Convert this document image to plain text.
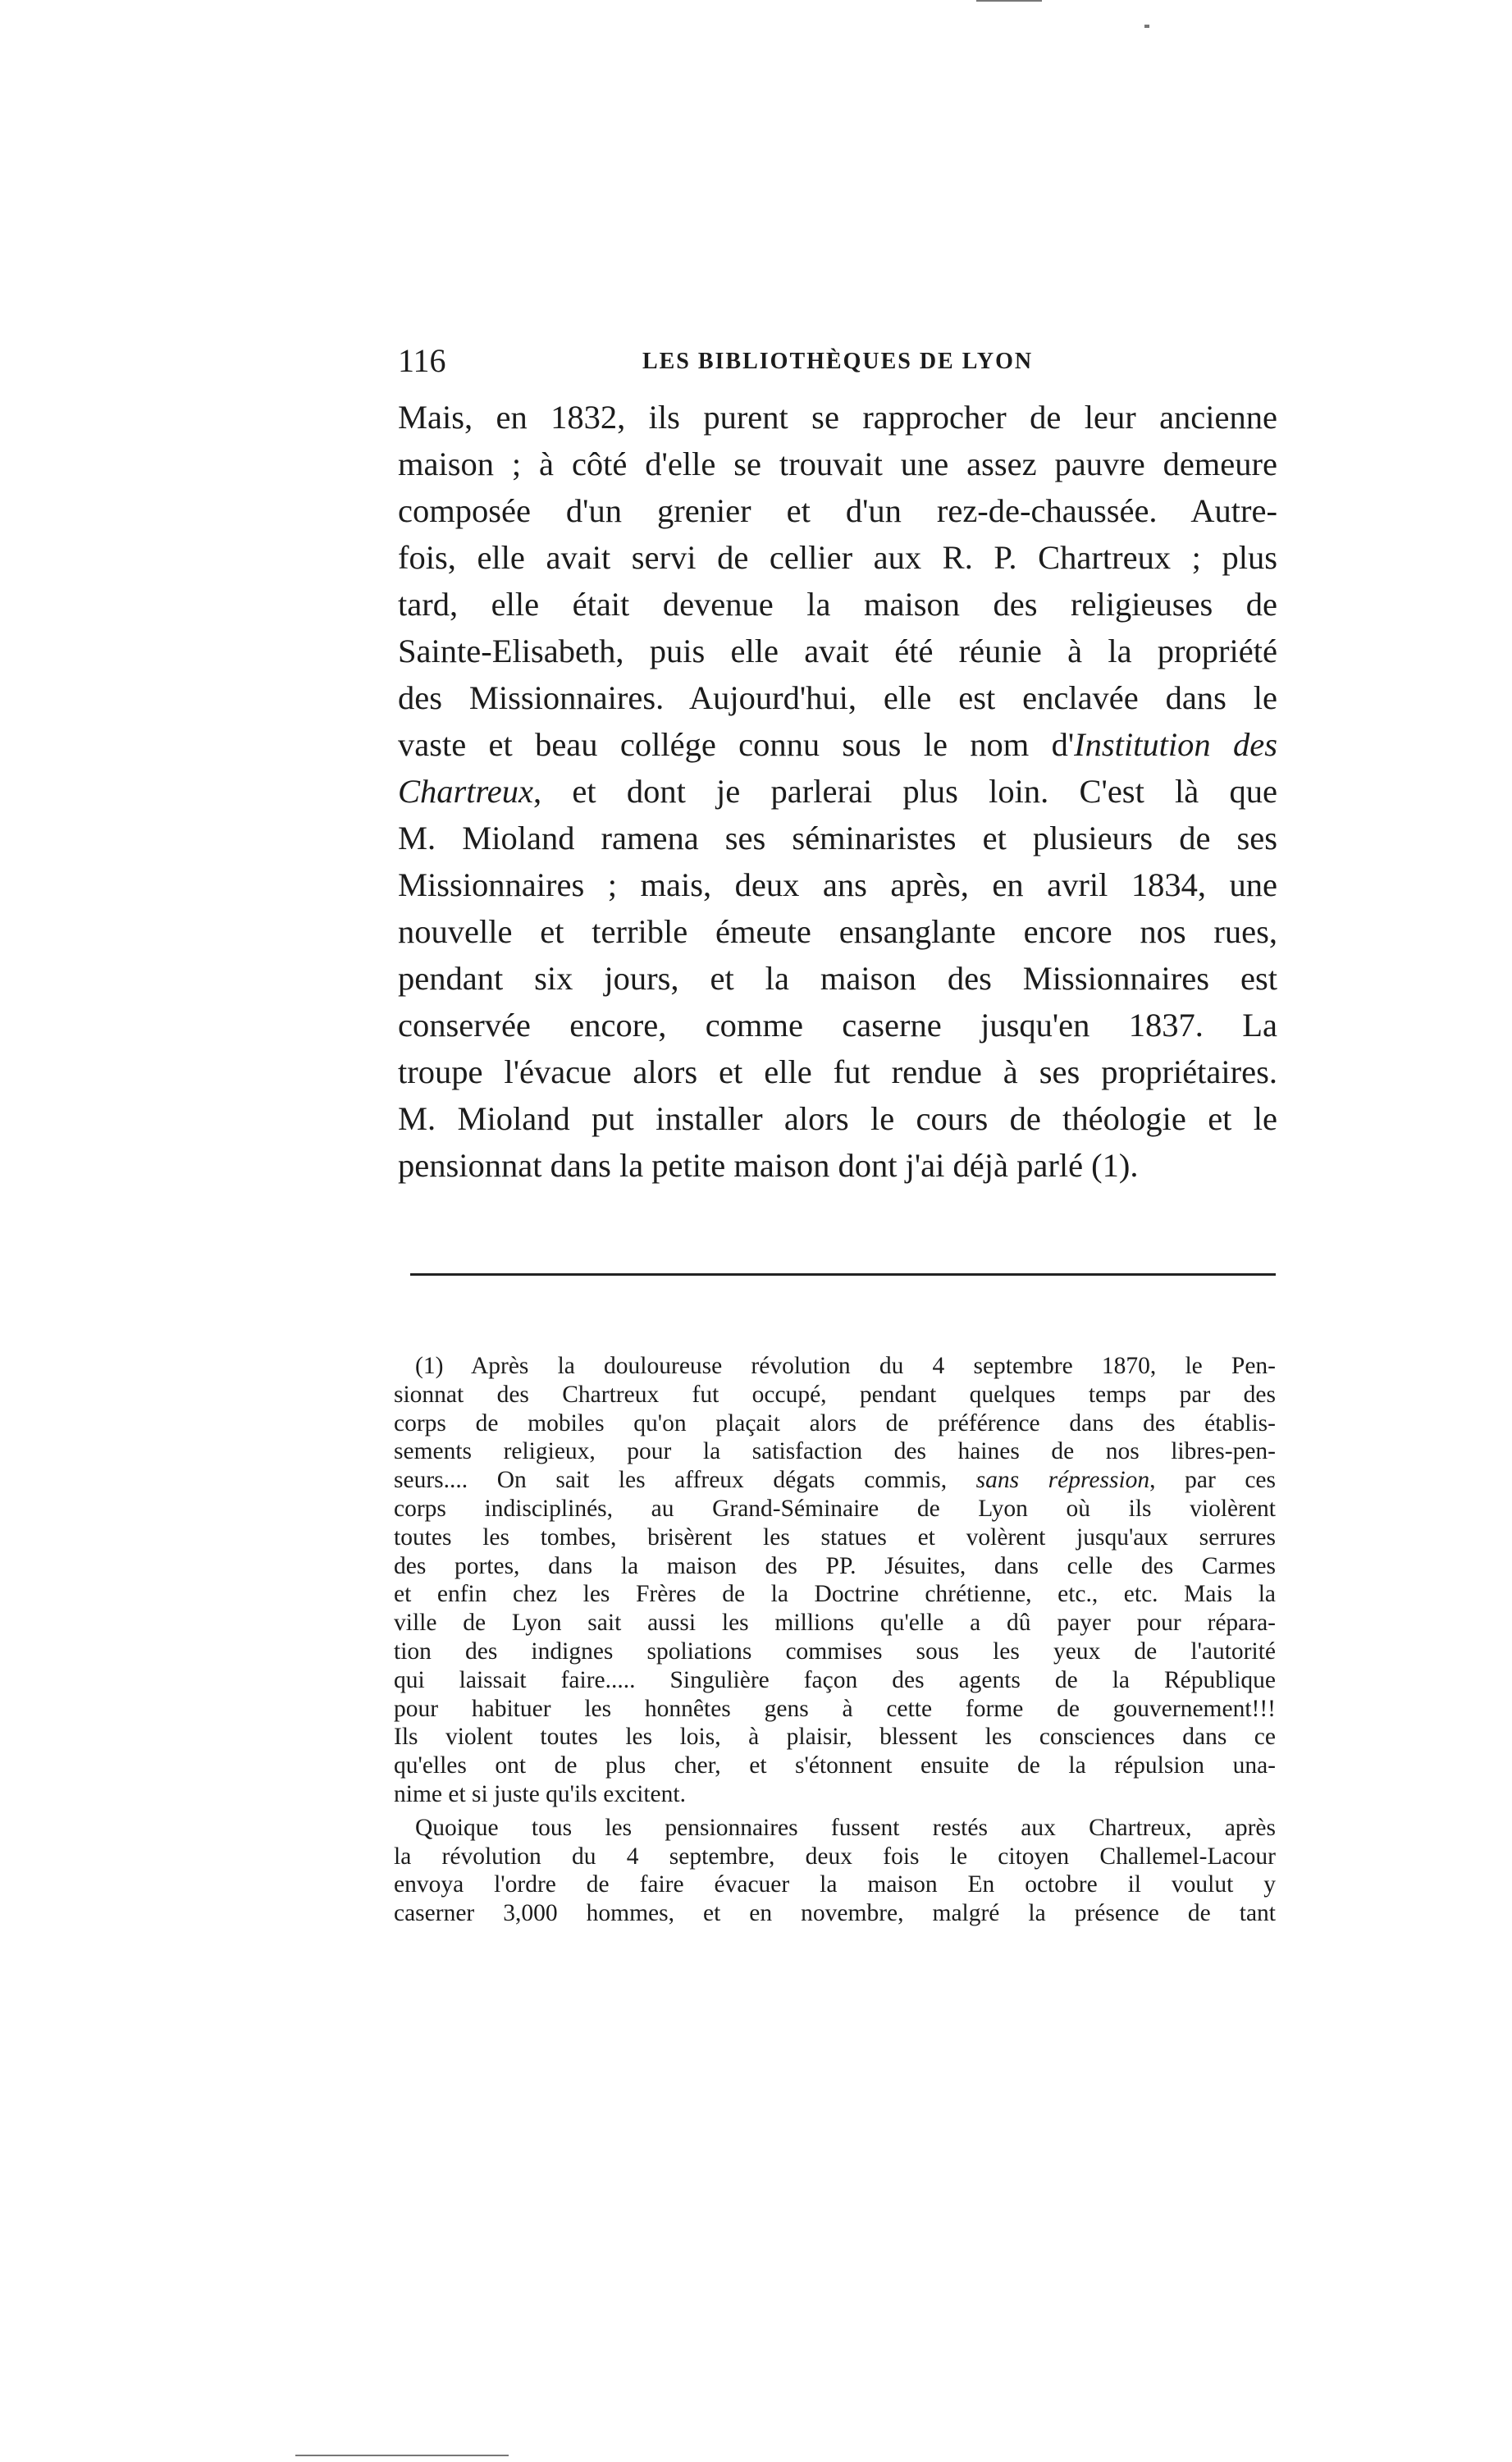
116	LES BIBLIOTHÈQUES DE LYON
Mais, en 1832, ils purent se rapprocher de leur ancienne
maison ; à côté d'elle se trouvait une assez pauvre demeure
composée d'un grenier et d'un rez-de-chaussée. Autre-
fois, elle avait servi de cellier aux R. P. Chartreux ; plus
tard, elle était devenue la maison des religieuses de
Sainte-Elisabeth, puis elle avait été réunie à la propriété
des Missionnaires. Aujourd'hui, elle est enclavée dans le
vaste et beau collége connu sous le nom d'Institution des
Chartreux, et dont je parlerai plus loin. C'est là que
M. Mioland ramena ses séminaristes et plusieurs de ses
Missionnaires ; mais, deux ans après, en avril 1834, une
nouvelle et terrible émeute ensanglante encore nos rues,
pendant six jours, et la maison des Missionnaires est
conservée encore, comme caserne jusqu'en 1837. La
troupe l'évacue alors et elle fut rendue à ses propriétaires.
M. Mioland put installer alors le cours de théologie et le
pensionnat dans la petite maison dont j'ai déjà parlé (1).
(1) Après la douloureuse révolution du 4 septembre 1870, le Pen-
sionnat des Chartreux fut occupé, pendant quelques temps par des
corps de mobiles qu'on plaçait alors de préférence dans des établis-
sements religieux, pour la satisfaction des haines de nos libres-pen-
seurs.... On sait les affreux dégats commis, sans répression, par ces
corps indisciplinés, au Grand-Séminaire de Lyon où ils violèrent
toutes les tombes, brisèrent les statues et volèrent jusqu'aux serrures
des portes, dans la maison des PP. Jésuites, dans celle des Carmes
et enfin chez les Frères de la Doctrine chrétienne, etc., etc. Mais la
ville de Lyon sait aussi les millions qu'elle a dû payer pour répara-
tion des indignes spoliations commises sous les yeux de l'autorité
qui laissait faire..... Singulière façon des agents de la République
pour habituer les honnêtes gens à cette forme de gouvernement!!!
Ils violent toutes les lois, à plaisir, blessent les consciences dans ce
qu'elles ont de plus cher, et s'étonnent ensuite de la répulsion una-
nime et si juste qu'ils excitent.
Quoique tous les pensionnaires fussent restés aux Chartreux, après
la révolution du 4 septembre, deux fois le citoyen Challemel-Lacour
envoya l'ordre de faire évacuer la maison En octobre il voulut y
caserner 3,000 hommes, et en novembre, malgré la présence de tant
